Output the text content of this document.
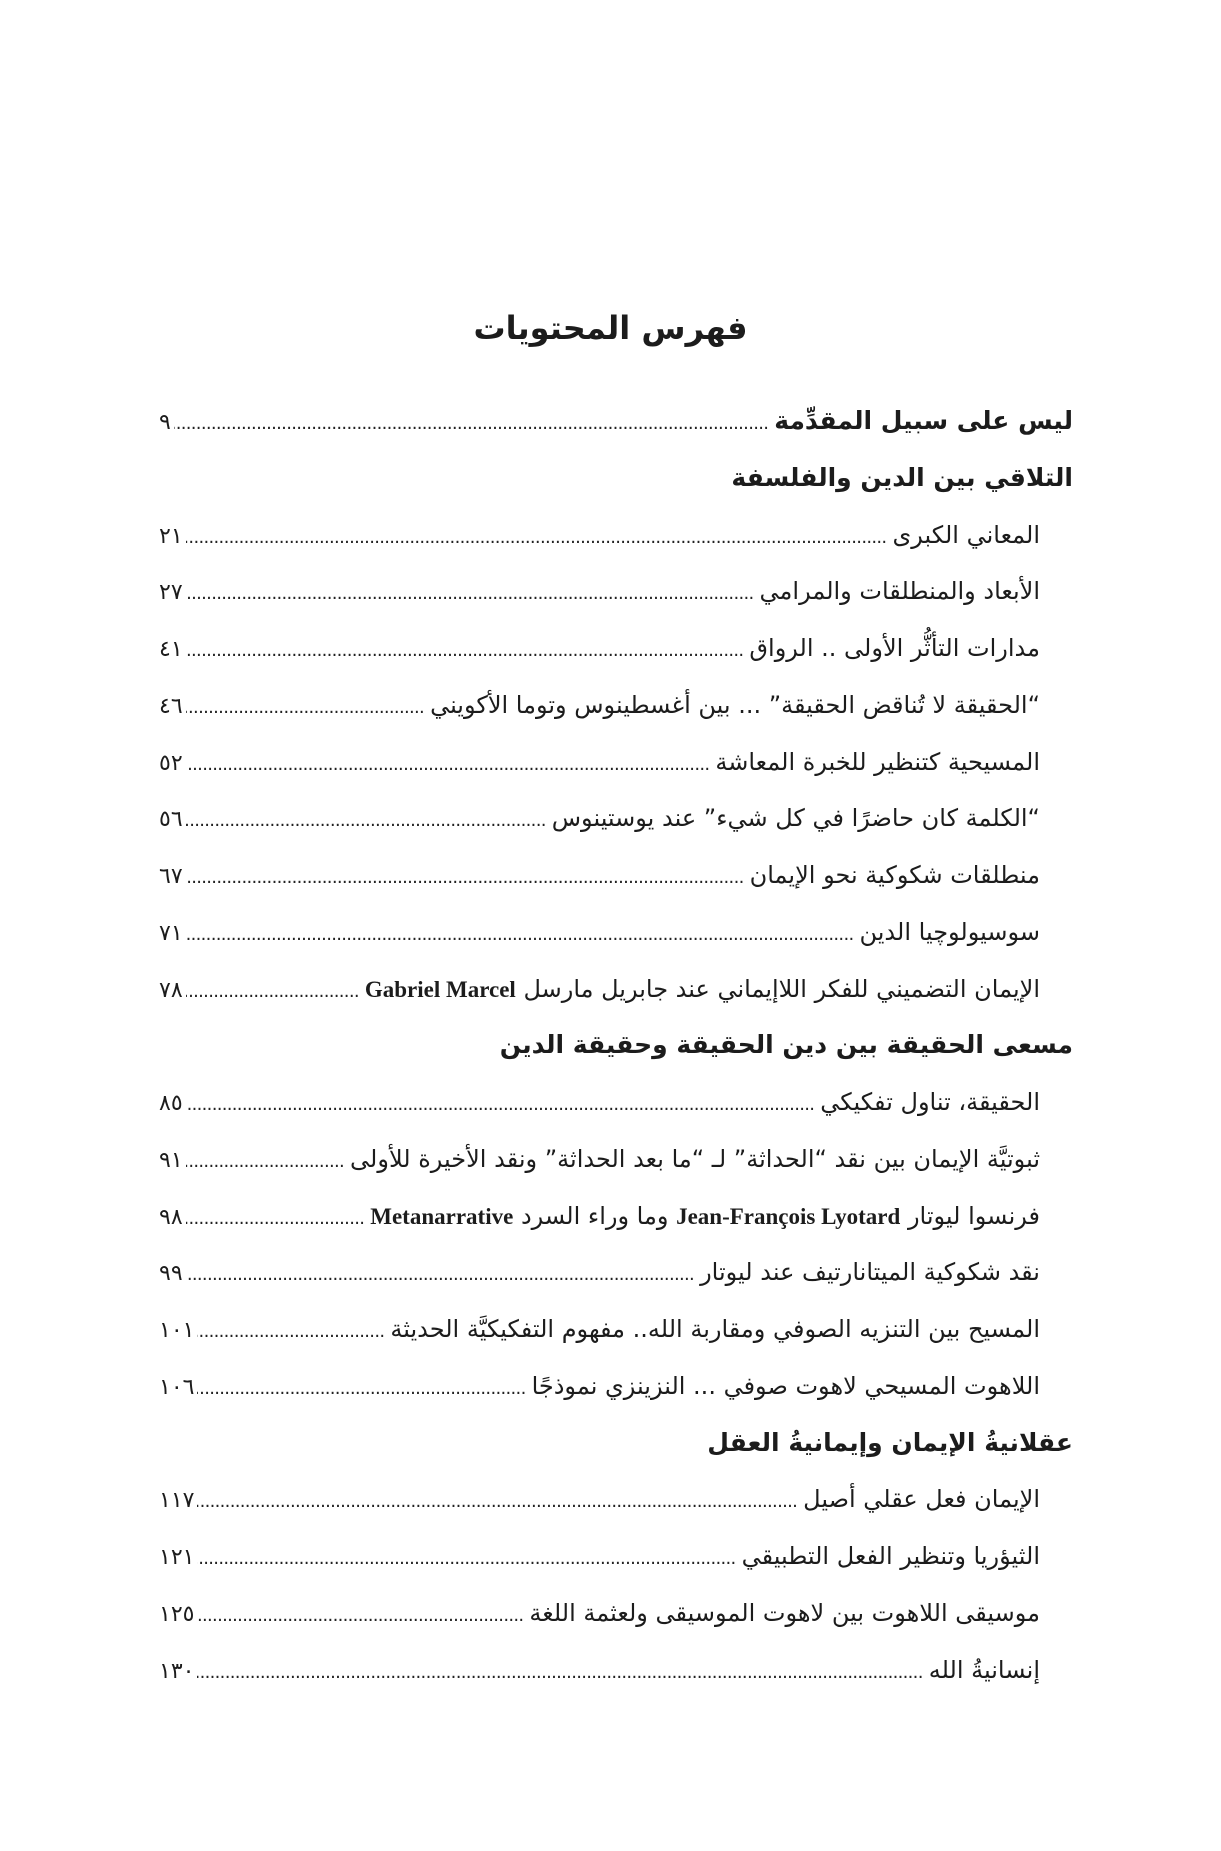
فهرس المحتويات
ليس على سبيل المقدِّمة
.....
٩
التلاقي بين الدين والفلسفة
المعاني الكبرى
.....
٢١
الأبعاد والمنطلقات والمرامي
.....
٢٧
مدارات التأثُّر الأولى .. الرواق
.....
٤١
“الحقيقة لا تُناقض الحقيقة” ... بين أغسطينوس وتوما الأكويني
.....
٤٦
المسيحية كتنظير للخبرة المعاشة
.....
٥٢
“الكلمة كان حاضرًا في كل شيء” عند يوستينوس
.....
٥٦
منطلقات شكوكية نحو الإيمان
.....
٦٧
سوسيولوچيا الدين
.....
٧١
الإيمان التضميني للفكر اللاإيماني عند جابريل مارسل Gabriel Marcel
.....
٧٨
مسعى الحقيقة بين دين الحقيقة وحقيقة الدين
الحقيقة، تناول تفكيكي
.....
٨٥
ثبوتيَّة الإيمان بين نقد “الحداثة” لـ “ما بعد الحداثة” ونقد الأخيرة للأولى
.....
٩١
فرنسوا ليوتار Jean-François Lyotard وما وراء السرد Metanarrative
.....
٩٨
نقد شكوكية الميتانارتيف عند ليوتار
.....
٩٩
المسيح بين التنزيه الصوفي ومقاربة الله.. مفهوم التفكيكيَّة الحديثة
.....
١٠١
اللاهوت المسيحي لاهوت صوفي ... النزينزي نموذجًا
.....
١٠٦
عقلانيةُ الإيمان وإيمانيةُ العقل
الإيمان فعل عقلي أصيل
.....
١١٧
الثيؤريا وتنظير الفعل التطبيقي
.....
١٢١
موسيقى اللاهوت بين لاهوت الموسيقى ولعثمة اللغة
.....
١٢٥
إنسانيةُ الله
.....
١٣٠
